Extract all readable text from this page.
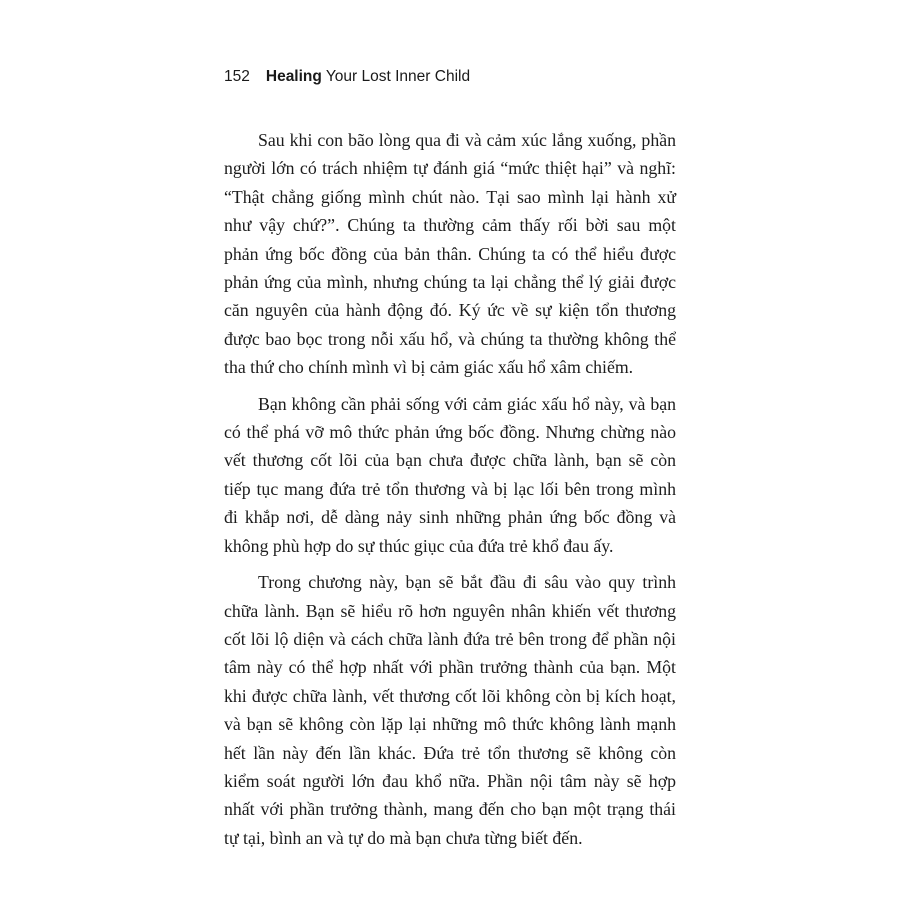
152 Healing Your Lost Inner Child

Sau khi con bão lòng qua đi và cảm xúc lắng xuống, phần người lớn có trách nhiệm tự đánh giá “mức thiệt hại” và nghĩ: “Thật chẳng giống mình chút nào. Tại sao mình lại hành xử như vậy chứ?”. Chúng ta thường cảm thấy rối bời sau một phản ứng bốc đồng của bản thân. Chúng ta có thể hiểu được phản ứng của mình, nhưng chúng ta lại chẳng thể lý giải được căn nguyên của hành động đó. Ký ức về sự kiện tổn thương được bao bọc trong nỗi xấu hổ, và chúng ta thường không thể tha thứ cho chính mình vì bị cảm giác xấu hổ xâm chiếm.

Bạn không cần phải sống với cảm giác xấu hổ này, và bạn có thể phá vỡ mô thức phản ứng bốc đồng. Nhưng chừng nào vết thương cốt lõi của bạn chưa được chữa lành, bạn sẽ còn tiếp tục mang đứa trẻ tổn thương và bị lạc lối bên trong mình đi khắp nơi, dễ dàng nảy sinh những phản ứng bốc đồng và không phù hợp do sự thúc giục của đứa trẻ khổ đau ấy.

Trong chương này, bạn sẽ bắt đầu đi sâu vào quy trình chữa lành. Bạn sẽ hiểu rõ hơn nguyên nhân khiến vết thương cốt lõi lộ diện và cách chữa lành đứa trẻ bên trong để phần nội tâm này có thể hợp nhất với phần trưởng thành của bạn. Một khi được chữa lành, vết thương cốt lõi không còn bị kích hoạt, và bạn sẽ không còn lặp lại những mô thức không lành mạnh hết lần này đến lần khác. Đứa trẻ tổn thương sẽ không còn kiểm soát người lớn đau khổ nữa. Phần nội tâm này sẽ hợp nhất với phần trưởng thành, mang đến cho bạn một trạng thái tự tại, bình an và tự do mà bạn chưa từng biết đến.
